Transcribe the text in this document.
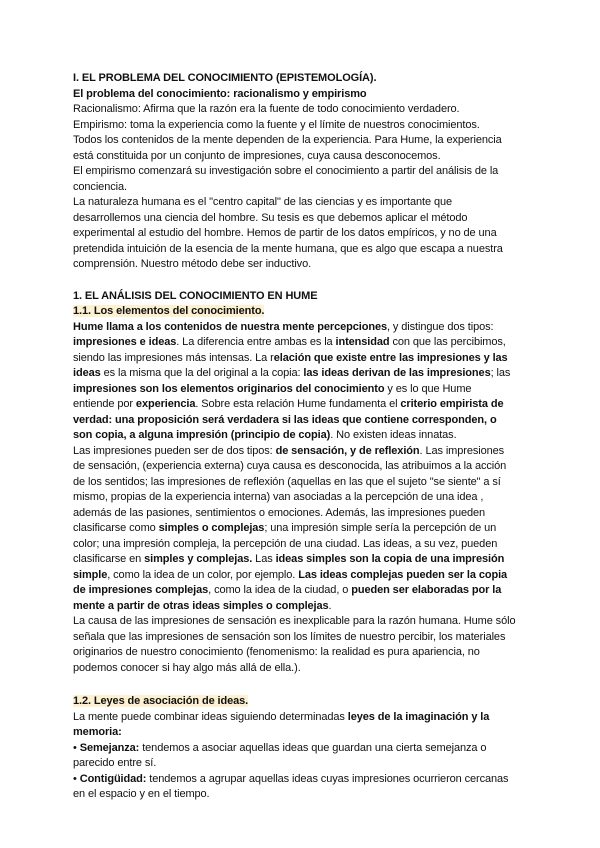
I. EL PROBLEMA DEL CONOCIMIENTO (EPISTEMOLOGÍA).
El problema del conocimiento: racionalismo y empirismo
Racionalismo: Afirma que la razón era la fuente de todo conocimiento verdadero.
Empirismo: toma la experiencia como la fuente y el límite de nuestros conocimientos.
Todos los contenidos de la mente dependen de la experiencia. Para Hume, la experiencia
está constituida por un conjunto de impresiones, cuya causa desconocemos.
El empirismo comenzará su investigación sobre el conocimiento a partir del análisis de la
conciencia.
La naturaleza humana es el "centro capital" de las ciencias y es importante que
desarrollemos una ciencia del hombre. Su tesis es que debemos aplicar el método
experimental al estudio del hombre. Hemos de partir de los datos empíricos, y no de una
pretendida intuición de la esencia de la mente humana, que es algo que escapa a nuestra
comprensión. Nuestro método debe ser inductivo.
1. EL ANÁLISIS DEL CONOCIMIENTO EN HUME
1.1. Los elementos del conocimiento.
Hume llama a los contenidos de nuestra mente percepciones, y distingue dos tipos:
impresiones e ideas. La diferencia entre ambas es la intensidad con que las percibimos,
siendo las impresiones más intensas. La relación que existe entre las impresiones y las
ideas es la misma que la del original a la copia: las ideas derivan de las impresiones; las
impresiones son los elementos originarios del conocimiento y es lo que Hume
entiende por experiencia. Sobre esta relación Hume fundamenta el criterio empirista de
verdad: una proposición será verdadera si las ideas que contiene corresponden, o
son copia, a alguna impresión (principio de copia). No existen ideas innatas.
Las impresiones pueden ser de dos tipos: de sensación, y de reflexión. Las impresiones
de sensación, (experiencia externa) cuya causa es desconocida, las atribuimos a la acción
de los sentidos; las impresiones de reflexión (aquellas en las que el sujeto "se siente" a sí
mismo, propias de la experiencia interna) van asociadas a la percepción de una idea ,
además de las pasiones, sentimientos o emociones. Además, las impresiones pueden
clasificarse como simples o complejas; una impresión simple sería la percepción de un
color; una impresión compleja, la percepción de una ciudad. Las ideas, a su vez, pueden
clasificarse en simples y complejas. Las ideas simples son la copia de una impresión
simple, como la idea de un color, por ejemplo. Las ideas complejas pueden ser la copia
de impresiones complejas, como la idea de la ciudad, o pueden ser elaboradas por la
mente a partir de otras ideas simples o complejas.
La causa de las impresiones de sensación es inexplicable para la razón humana. Hume sólo
señala que las impresiones de sensación son los límites de nuestro percibir, los materiales
originarios de nuestro conocimiento (fenomenismo: la realidad es pura apariencia, no
podemos conocer si hay algo más allá de ella.).
1.2. Leyes de asociación de ideas.
La mente puede combinar ideas siguiendo determinadas leyes de la imaginación y la
memoria:
• Semejanza: tendemos a asociar aquellas ideas que guardan una cierta semejanza o
parecido entre sí.
• Contigüidad: tendemos a agrupar aquellas ideas cuyas impresiones ocurrieron cercanas
en el espacio y en el tiempo.
